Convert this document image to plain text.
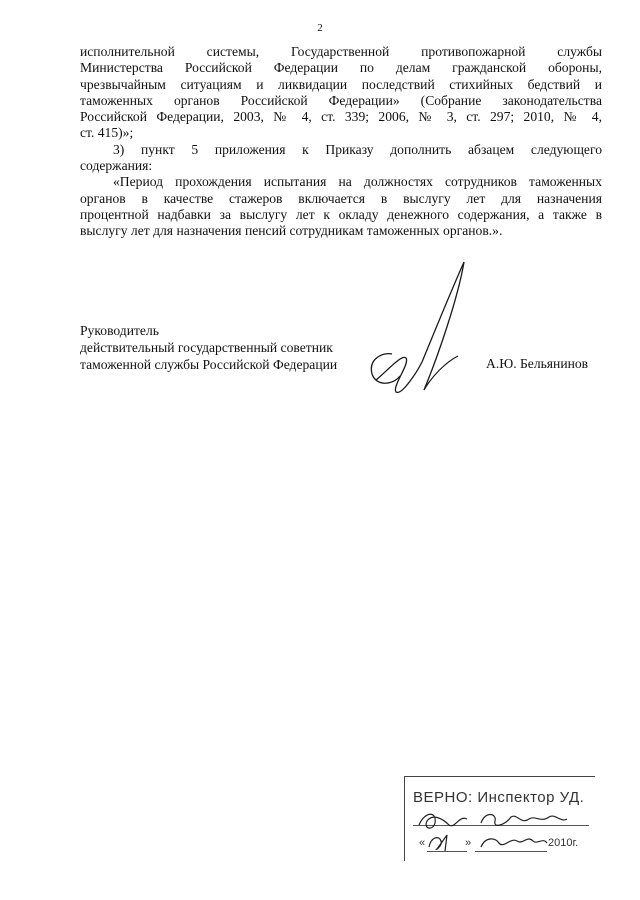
2
исполнительной системы, Государственной противопожарной службы
Министерства Российской Федерации по делам гражданской обороны,
чрезвычайным ситуациям и ликвидации последствий стихийных бедствий и
таможенных органов Российской Федерации» (Собрание законодательства
Российской Федерации, 2003, № 4, ст. 339; 2006, № 3, ст. 297; 2010, № 4,
ст. 415)»;
3) пункт 5 приложения к Приказу дополнить абзацем следующего
содержания:
«Период прохождения испытания на должностях сотрудников таможенных
органов в качестве стажеров включается в выслугу лет для назначения
процентной надбавки за выслугу лет к окладу денежного содержания, а также в
выслугу лет для назначения пенсий сотрудникам таможенных органов.».
Руководитель
действительный государственный советник
таможенной службы Российской Федерации	А.Ю. Бельянинов
ВЕРНО: Инспектор УД.
«	»	2010г.
